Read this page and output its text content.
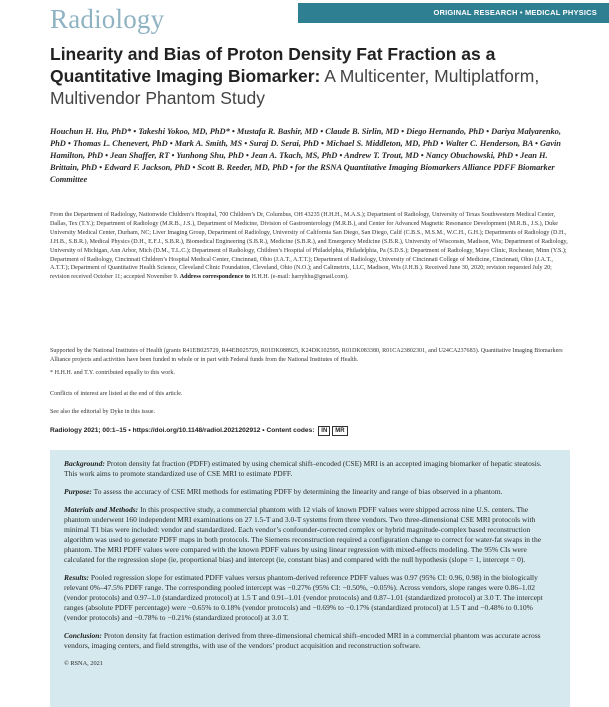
Radiology	ORIGINAL RESEARCH • MEDICAL PHYSICS
Linearity and Bias of Proton Density Fat Fraction as a Quantitative Imaging Biomarker: A Multicenter, Multiplatform, Multivendor Phantom Study
Houchun H. Hu, PhD* • Takeshi Yokoo, MD, PhD* • Mustafa R. Bashir, MD • Claude B. Sirlin, MD • Diego Hernando, PhD • Dariya Malyarenko, PhD • Thomas L. Chenevert, PhD • Mark A. Smith, MS • Suraj D. Serai, PhD • Michael S. Middleton, MD, PhD • Walter C. Henderson, BA • Gavin Hamilton, PhD • Jean Shaffer, RT • Yunhong Shu, PhD • Jean A. Tkach, MS, PhD • Andrew T. Trout, MD • Nancy Obuchowski, PhD • Jean H. Brittain, PhD • Edward F. Jackson, PhD • Scott B. Reeder, MD, PhD • for the RSNA Quantitative Imaging Biomarkers Alliance PDFF Biomarker Committee
From the Department of Radiology, Nationwide Children’s Hospital, 700 Children’s Dr, Columbus, OH 43235 (H.H.H., M.A.S.); Department of Radiology, University of Texas Southwestern Medical Center, Dallas, Tex (T.Y.); Department of Radiology (M.R.B., J.S.), Department of Medicine, Division of Gastroenterology (M.R.B.), and Center for Advanced Magnetic Resonance Development (M.R.B., J.S.), Duke University Medical Center, Durham, NC; Liver Imaging Group, Department of Radiology, University of California San Diego, San Diego, Calif (C.B.S., M.S.M., W.C.H., G.H.); Departments of Radiology (D.H., J.H.B., S.B.R.), Medical Physics (D.H., E.F.J., S.B.R.), Biomedical Engineering (S.B.R.), Medicine (S.B.R.), and Emergency Medicine (S.B.R.), University of Wisconsin, Madison, Wis; Department of Radiology, University of Michigan, Ann Arbor, Mich (D.M., T.L.C.); Department of Radiology, Children’s Hospital of Philadelphia, Philadelphia, Pa (S.D.S.); Department of Radiology, Mayo Clinic, Rochester, Minn (Y.S.); Department of Radiology, Cincinnati Children’s Hospital Medical Center, Cincinnati, Ohio (J.A.T., A.T.T.); Department of Radiology, University of Cincinnati College of Medicine, Cincinnati, Ohio (J.A.T., A.T.T.); Department of Quantitative Health Science, Cleveland Clinic Foundation, Cleveland, Ohio (N.O.); and Calimetrix, LLC, Madison, Wis (J.H.B.). Received June 30, 2020; revision requested July 20; revision received October 11; accepted November 9. Address correspondence to H.H.H. (e-mail: harryhhu@gmail.com).
Supported by the National Institutes of Health (grants R41EB025729, R44EB025729, R01DK088925, K24DK102595, R01DK083380, R01CA23802301, and U24CA237683). Quantitative Imaging Biomarkers Alliance projects and activities have been funded in whole or in part with Federal funds from the National Institutes of Health.
* H.H.H. and T.Y. contributed equally to this work.
Conflicts of interest are listed at the end of this article.
See also the editorial by Dyke in this issue.
Radiology 2021; 00:1–15 • https://doi.org/10.1148/radiol.2021202912 • Content codes: IN MR

Background: Proton density fat fraction (PDFF) estimated by using chemical shift–encoded (CSE) MRI is an accepted imaging biomarker of hepatic steatosis. This work aims to promote standardized use of CSE MRI to estimate PDFF.

Purpose: To assess the accuracy of CSE MRI methods for estimating PDFF by determining the linearity and range of bias observed in a phantom.

Materials and Methods: In this prospective study, a commercial phantom with 12 vials of known PDFF values were shipped across nine U.S. centers. The phantom underwent 160 independent MRI examinations on 27 1.5-T and 3.0-T systems from three vendors. Two three-dimensional CSE MRI protocols with minimal T1 bias were included: vendor and standardized. Each vendor’s confounder-corrected complex or hybrid magnitude-complex based reconstruction algorithm was used to generate PDFF maps in both protocols. The Siemens reconstruction required a configuration change to correct for water-fat swaps in the phantom. The MRI PDFF values were compared with the known PDFF values by using linear regression with mixed-effects modeling. The 95% CIs were calculated for the regression slope (ie, proportional bias) and intercept (ie, constant bias) and compared with the null hypothesis (slope = 1, intercept = 0).

Results: Pooled regression slope for estimated PDFF values versus phantom-derived reference PDFF values was 0.97 (95% CI: 0.96, 0.98) in the biologically relevant 0%–47.5% PDFF range. The corresponding pooled intercept was −0.27% (95% CI: −0.50%, −0.05%). Across vendors, slope ranges were 0.86–1.02 (vendor protocols) and 0.97–1.0 (standardized protocol) at 1.5 T and 0.91–1.01 (vendor protocols) and 0.87–1.01 (standardized protocol) at 3.0 T. The intercept ranges (absolute PDFF percentage) were −0.65% to 0.18% (vendor protocols) and −0.69% to −0.17% (standardized protocol) at 1.5 T and −0.48% to 0.10% (vendor protocols) and −0.78% to −0.21% (standardized protocol) at 3.0 T.

Conclusion: Proton density fat fraction estimation derived from three-dimensional chemical shift–encoded MRI in a commercial phantom was accurate across vendors, imaging centers, and field strengths, with use of the vendors’ product acquisition and reconstruction software.

© RSNA, 2021
